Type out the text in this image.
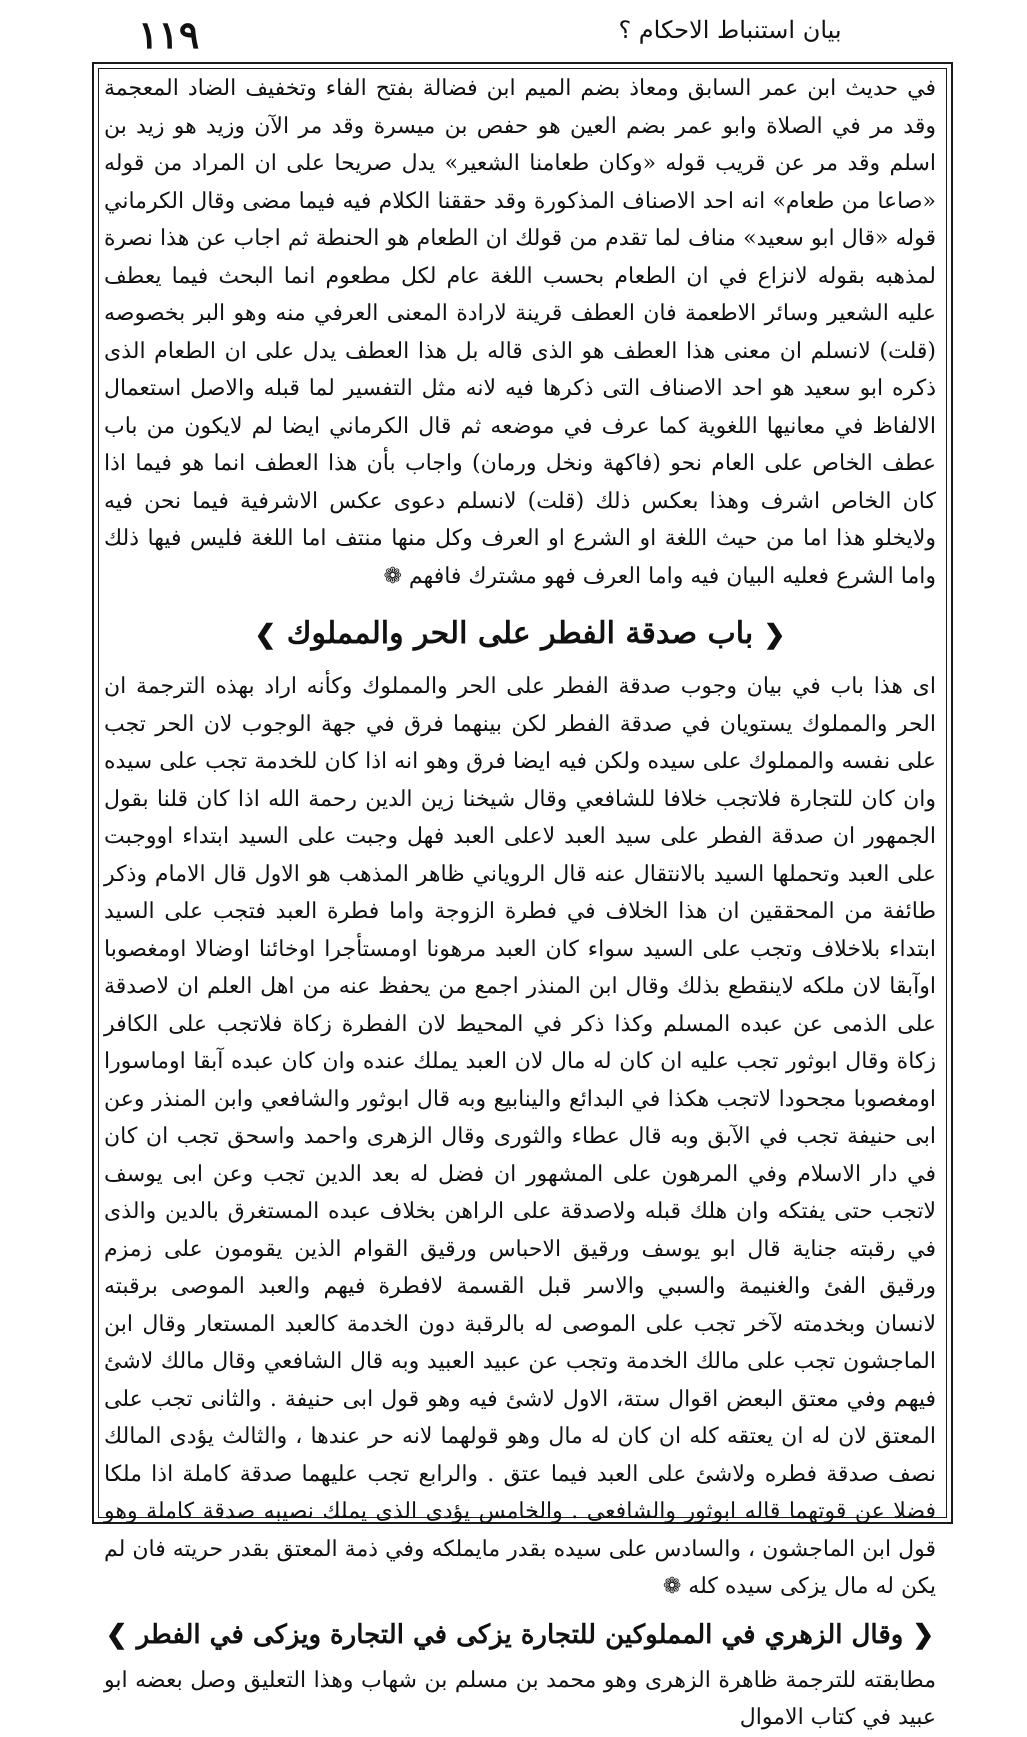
١١٩	بيان استنباط الاحكام ؟

في حديث ابن عمر السابق ومعاذ بضم الميم ابن فضالة بفتح الفاء وتخفيف الضاد المعجمة وقد مر في الصلاة وابو عمر بضم العين هو حفص بن ميسرة وقد مر الآن وزيد هو زيد بن اسلم وقد مر عن قريب قوله «وكان طعامنا الشعير» يدل صريحا على ان المراد من قوله «صاعا من طعام» انه احد الاصناف المذكورة وقد حققنا الكلام فيه فيما مضى وقال الكرماني قوله «قال ابو سعيد» مناف لما تقدم من قولك ان الطعام هو الحنطة ثم اجاب عن هذا نصرة لمذهبه بقوله لانزاع في ان الطعام بحسب اللغة عام لكل مطعوم انما البحث فيما يعطف عليه الشعير وسائر الاطعمة فان العطف قرينة لارادة المعنى العرفي منه وهو البر بخصوصه (قلت) لانسلم ان معنى هذا العطف هو الذى قاله بل هذا العطف يدل على ان الطعام الذى ذكره ابو سعيد هو احد الاصناف التى ذكرها فيه لانه مثل التفسير لما قبله والاصل استعمال الالفاظ في معانيها اللغوية كما عرف في موضعه ثم قال الكرماني ايضا لم لايكون من باب عطف الخاص على العام نحو (فاكهة ونخل ورمان) واجاب بأن هذا العطف انما هو فيما اذا كان الخاص اشرف وهذا بعكس ذلك (قلت) لانسلم دعوى عكس الاشرفية فيما نحن فيه ولايخلو هذا اما من حيث اللغة او الشرع او العرف وكل منها منتف اما اللغة فليس فيها ذلك واما الشرع فعليه البيان فيه واما العرف فهو مشترك فافهم ❁

❮ باب صدقة الفطر على الحر والمملوك ❯

اى هذا باب في بيان وجوب صدقة الفطر على الحر والمملوك وكأنه اراد بهذه الترجمة ان الحر والمملوك يستويان في صدقة الفطر لكن بينهما فرق في جهة الوجوب لان الحر تجب على نفسه والمملوك على سيده ولكن فيه ايضا فرق وهو انه اذا كان للخدمة تجب على سيده وان كان للتجارة فلاتجب خلافا للشافعي وقال شيخنا زين الدين رحمة الله اذا كان قلنا بقول الجمهور ان صدقة الفطر على سيد العبد لاعلى العبد فهل وجبت على السيد ابتداء اووجبت على العبد وتحملها السيد بالانتقال عنه قال الروياني ظاهر المذهب هو الاول قال الامام وذكر طائفة من المحققين ان هذا الخلاف في فطرة الزوجة واما فطرة العبد فتجب على السيد ابتداء بلاخلاف وتجب على السيد سواء كان العبد مرهونا اومستأجرا اوخائنا اوضالا اومغصوبا اوآبقا لان ملكه لاينقطع بذلك وقال ابن المنذر اجمع من يحفظ عنه من اهل العلم ان لاصدقة على الذمى عن عبده المسلم وكذا ذكر في المحيط لان الفطرة زكاة فلاتجب على الكافر زكاة وقال ابوثور تجب عليه ان كان له مال لان العبد يملك عنده وان كان عبده آبقا اوماسورا اومغصوبا مجحودا لاتجب هكذا في البدائع والينابيع وبه قال ابوثور والشافعي وابن المنذر وعن ابى حنيفة تجب في الآبق وبه قال عطاء والثورى وقال الزهرى واحمد واسحق تجب ان كان في دار الاسلام وفي المرهون على المشهور ان فضل له بعد الدين تجب وعن ابى يوسف لاتجب حتى يفتكه وان هلك قبله ولاصدقة على الراهن بخلاف عبده المستغرق بالدين والذى في رقبته جناية قال ابو يوسف ورقيق الاحباس ورقيق القوام الذين يقومون على زمزم ورقيق الفئ والغنيمة والسبي والاسر قبل القسمة لافطرة فيهم والعبد الموصى برقبته لانسان وبخدمته لآخر تجب على الموصى له بالرقبة دون الخدمة كالعبد المستعار وقال ابن الماجشون تجب على مالك الخدمة وتجب عن عبيد العبيد وبه قال الشافعي وقال مالك لاشئ فيهم وفي معتق البعض اقوال ستة، الاول لاشئ فيه وهو قول ابى حنيفة . والثانى تجب على المعتق لان له ان يعتقه كله ان كان له مال وهو قولهما لانه حر عندها ، والثالث يؤدى المالك نصف صدقة فطره ولاشئ على العبد فيما عتق . والرابع تجب عليهما صدقة كاملة اذا ملكا فضلا عن قوتهما قاله ابوثور والشافعي . والخامس يؤدى الذى يملك نصيبه صدقة كاملة وهو قول ابن الماجشون ، والسادس على سيده بقدر مايملكه وفي ذمة المعتق بقدر حريته فان لم يكن له مال يزكى سيده كله ❁

❮ وقال الزهري في المملوكين للتجارة يزكى في التجارة ويزكى في الفطر ❯

مطابقته للترجمة ظاهرة الزهرى وهو محمد بن مسلم بن شهاب وهذا التعليق وصل بعضه ابو عبيد في كتاب الاموال
